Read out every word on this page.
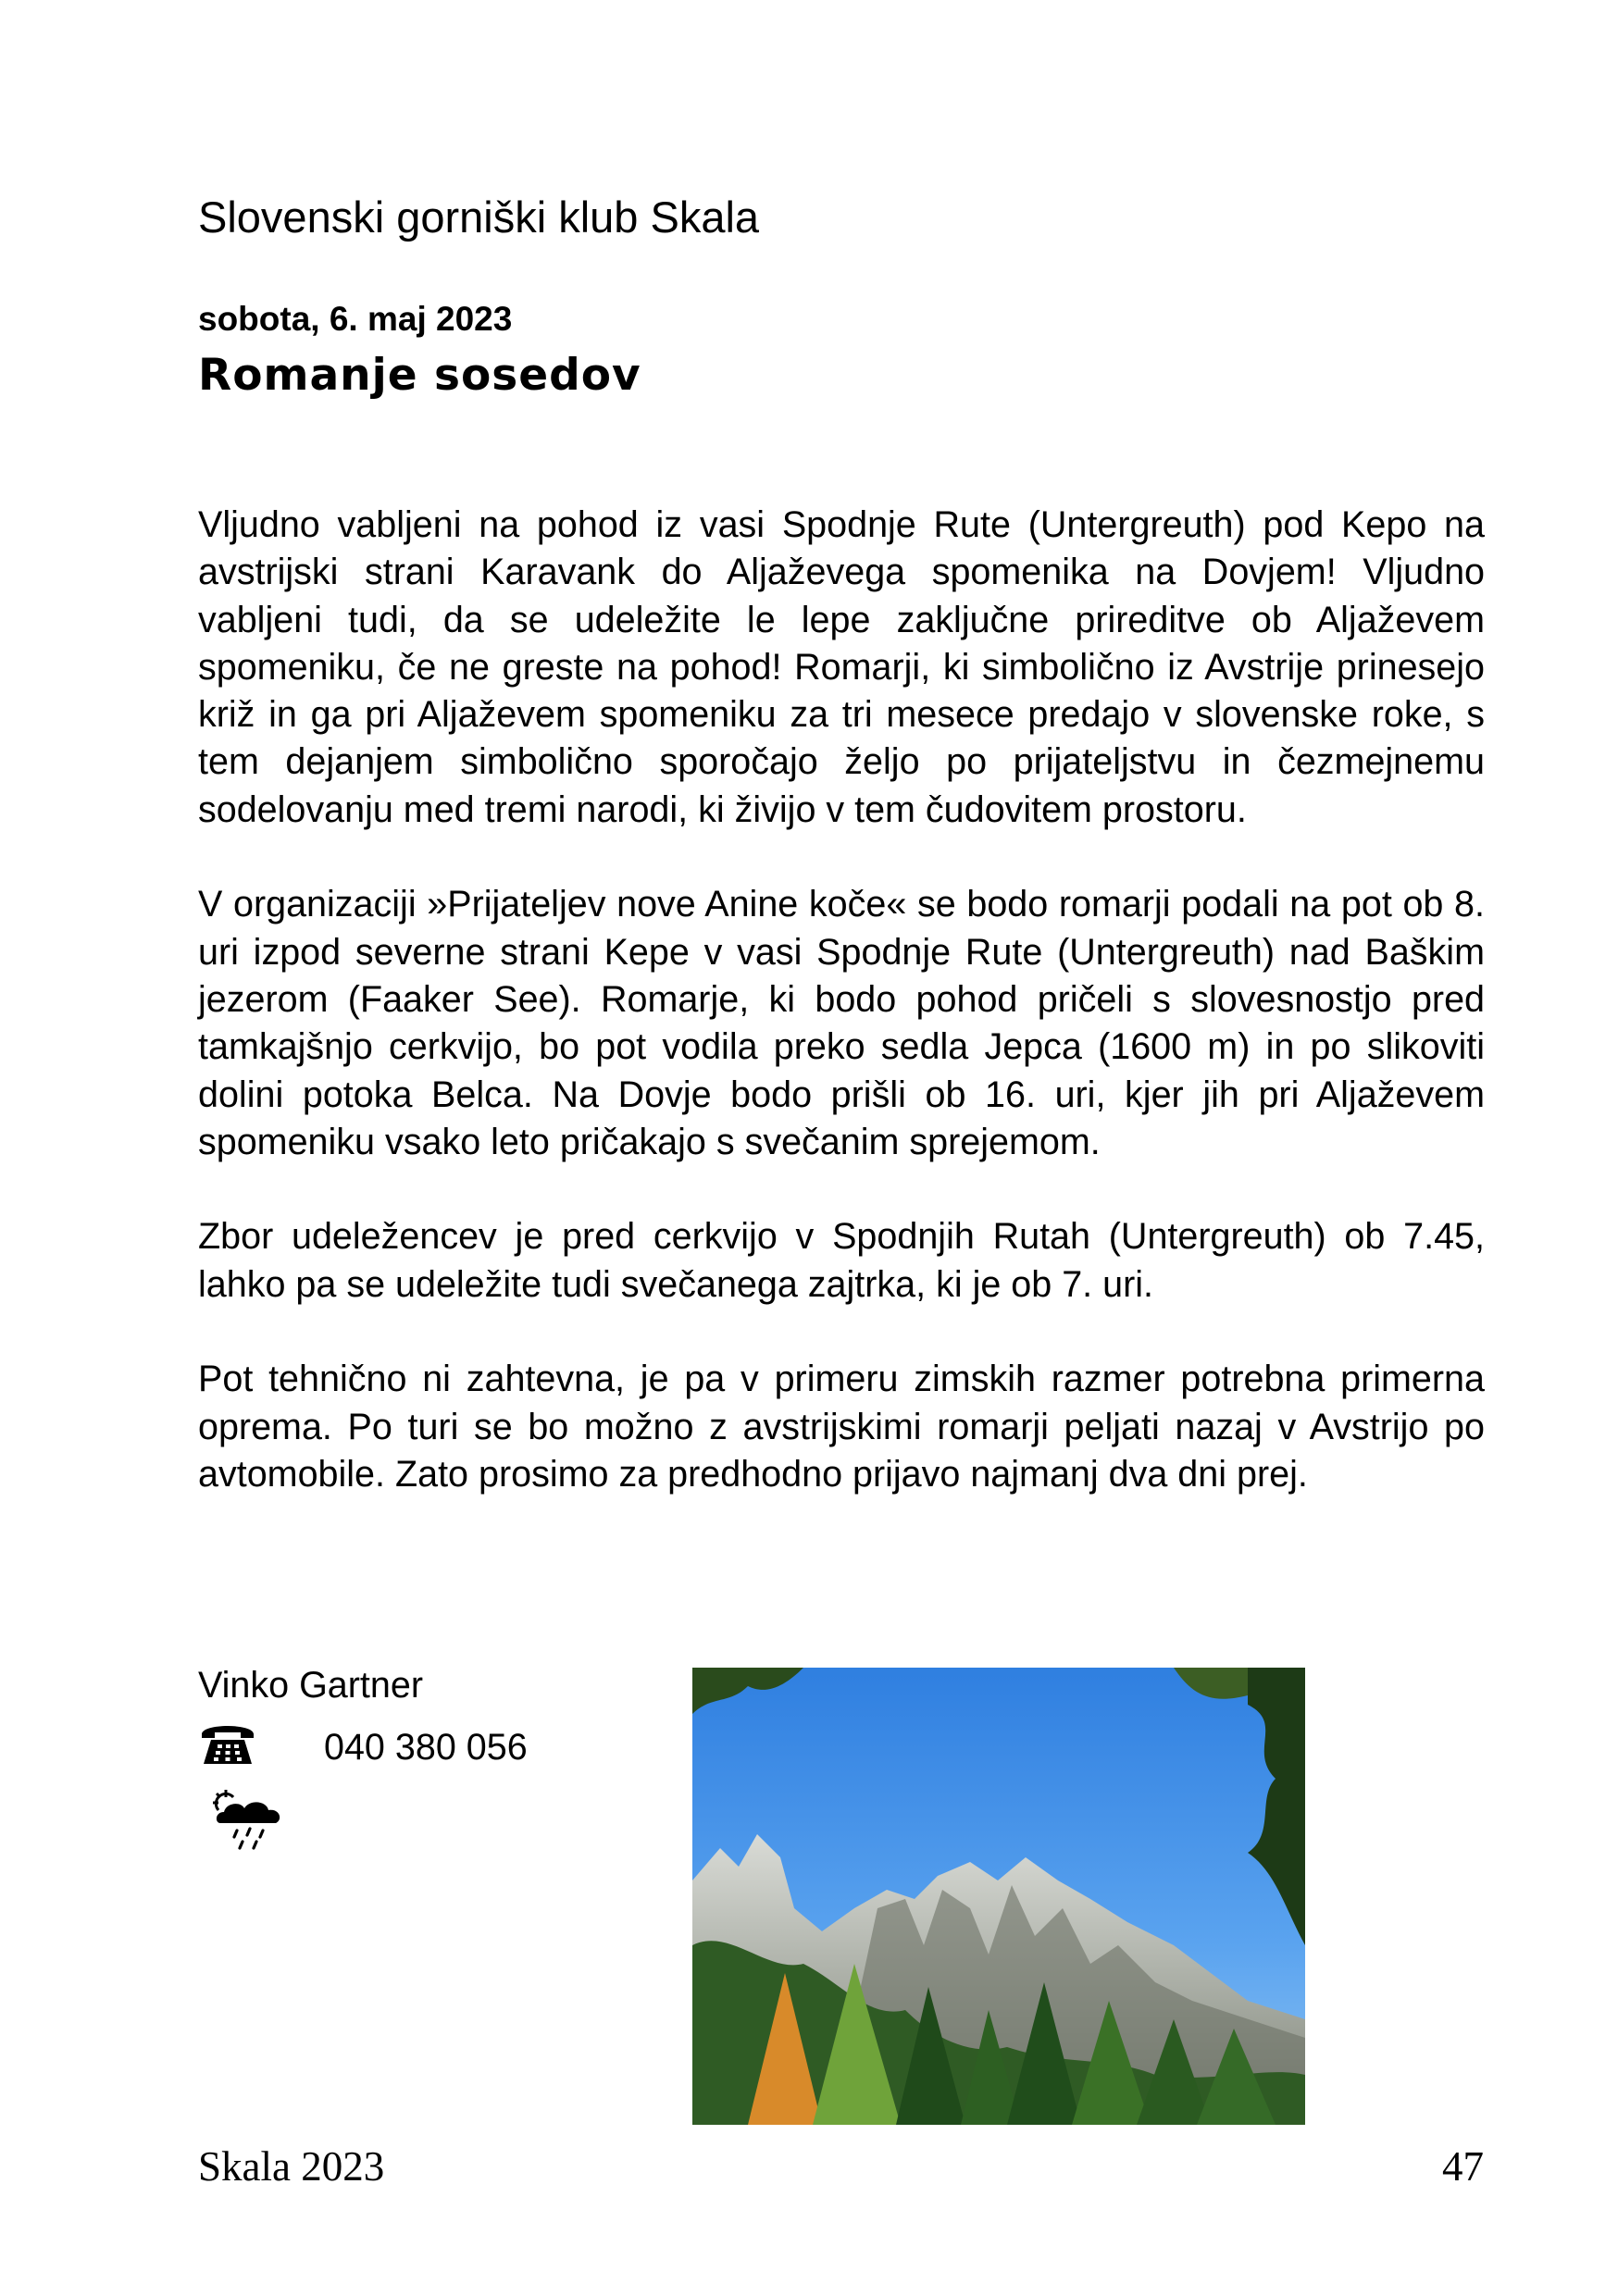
Slovenski gorniški klub Skala
sobota, 6. maj 2023
Romanje sosedov

Vljudno vabljeni na pohod iz vasi Spodnje Rute (Untergreuth) pod Kepo na avstrijski strani Karavank do Aljaževega spomenika na Dovjem! Vljudno vabljeni tudi, da se udeležite le lepe zaključne prireditve ob Aljaževem spomeniku, če ne greste na pohod! Romarji, ki simbolično iz Avstrije prinesejo križ in ga pri Aljaževem spomeniku za tri mesece predajo v slovenske roke, s tem dejanjem simbolično sporočajo željo po prijateljstvu in čezmejnemu sodelovanju med tremi narodi, ki živijo v tem čudovitem prostoru.

V organizaciji »Prijateljev nove Anine koče« se bodo romarji podali na pot ob 8. uri izpod severne strani Kepe v vasi Spodnje Rute (Untergreuth) nad Baškim jezerom (Faaker See). Romarje, ki bodo pohod pričeli s slovesnostjo pred tamkajšnjo cerkvijo, bo pot vodila preko sedla Jepca (1600 m) in po slikoviti dolini potoka Belca. Na Dovje bodo prišli ob 16. uri, kjer jih pri Aljaževem spomeniku vsako leto pričakajo s svečanim sprejemom.

Zbor udeležencev je pred cerkvijo v Spodnjih Rutah (Untergreuth) ob 7.45, lahko pa se udeležite tudi svečanega zajtrka, ki je ob 7. uri.

Pot tehnično ni zahtevna, je pa v primeru zimskih razmer potrebna primerna oprema. Po turi se bo možno z avstrijskimi romarji peljati nazaj v Avstrijo po avtomobile. Zato prosimo za predhodno prijavo najmanj dva dni prej.

Vinko Gartner
040 380 056
Skala 2023	47
